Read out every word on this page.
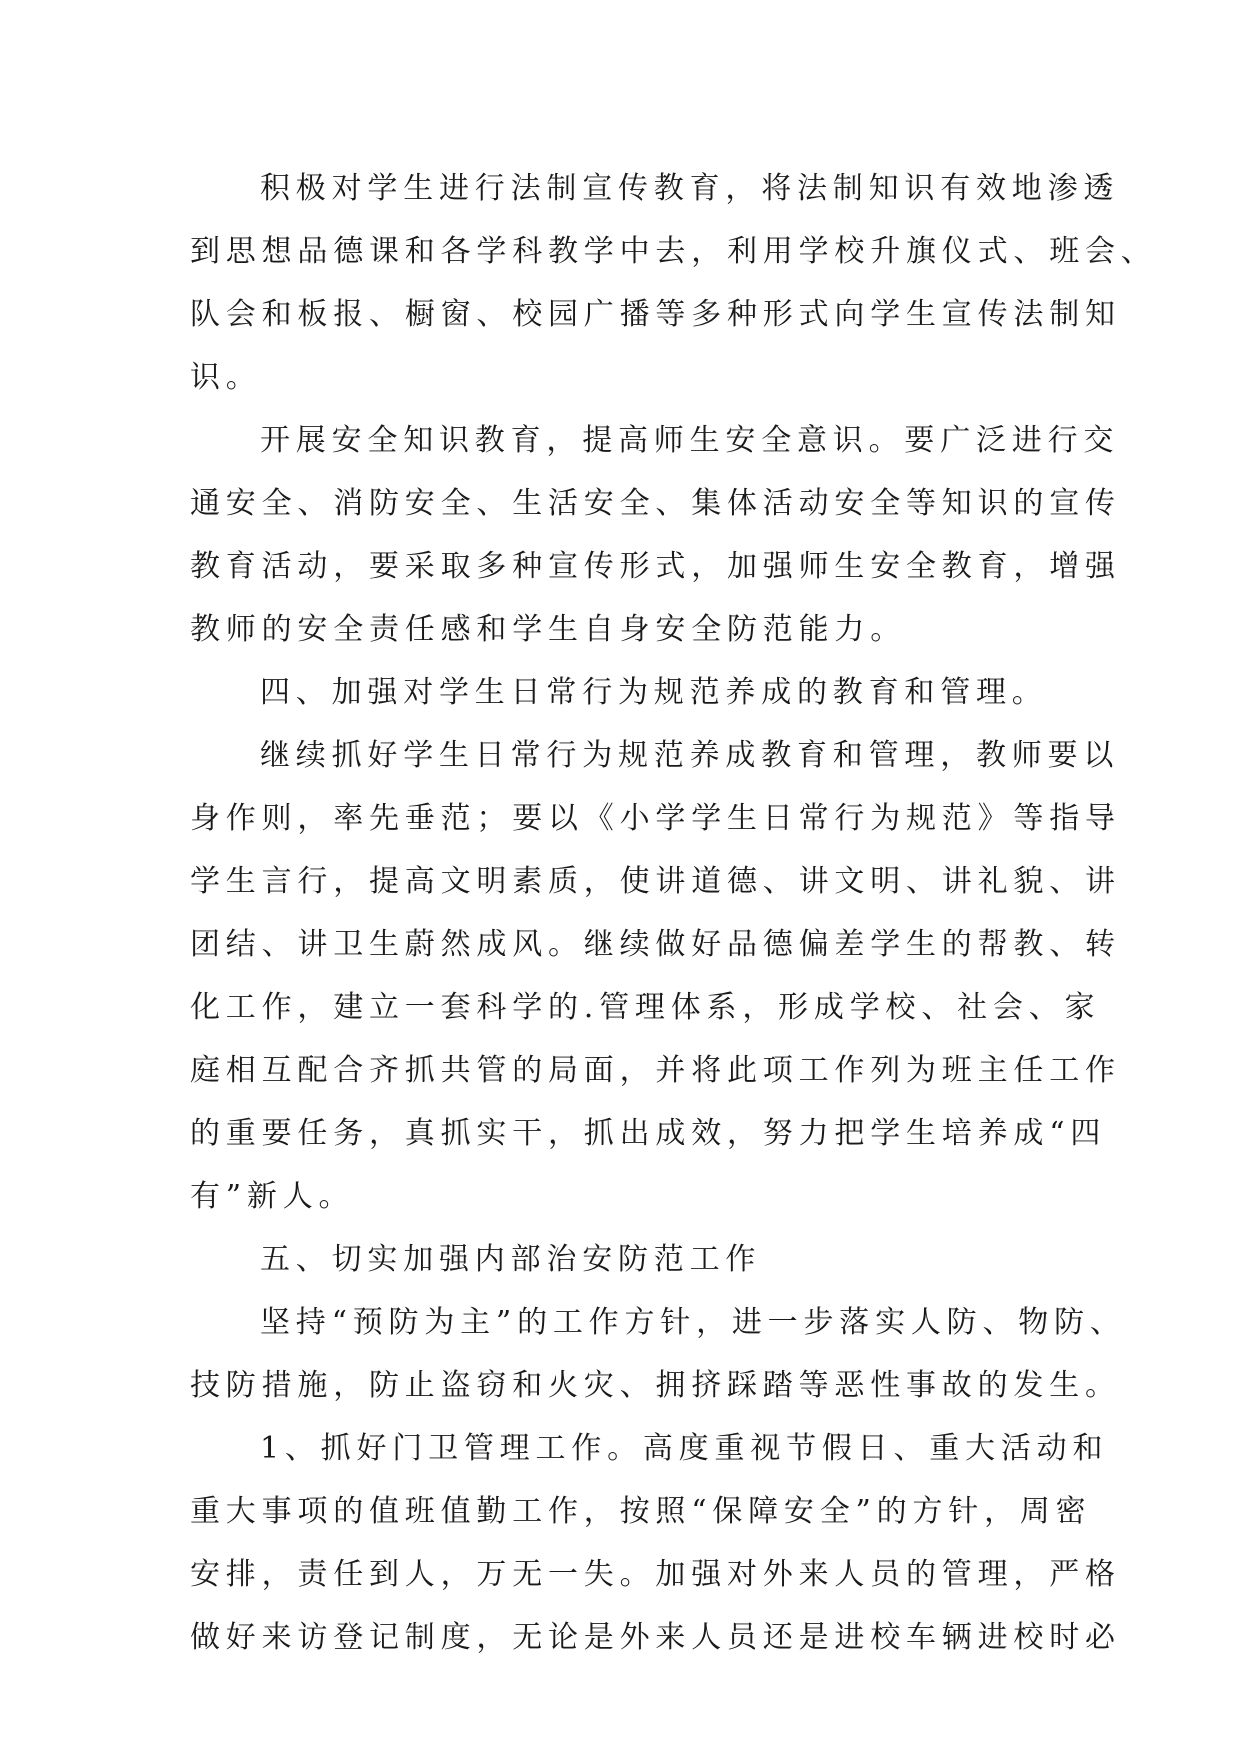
积极对学生进行法制宣传教育，将法制知识有效地渗透
到思想品德课和各学科教学中去，利用学校升旗仪式、班会、
队会和板报、橱窗、校园广播等多种形式向学生宣传法制知
识。
开展安全知识教育，提高师生安全意识。要广泛进行交
通安全、消防安全、生活安全、集体活动安全等知识的宣传
教育活动，要采取多种宣传形式，加强师生安全教育，增强
教师的安全责任感和学生自身安全防范能力。
四、加强对学生日常行为规范养成的教育和管理。
继续抓好学生日常行为规范养成教育和管理，教师要以
身作则，率先垂范；要以《小学学生日常行为规范》等指导
学生言行，提高文明素质，使讲道德、讲文明、讲礼貌、讲
团结、讲卫生蔚然成风。继续做好品德偏差学生的帮教、转
化工作，建立一套科学的.管理体系，形成学校、社会、家
庭相互配合齐抓共管的局面，并将此项工作列为班主任工作
的重要任务，真抓实干，抓出成效，努力把学生培养成“四
有”新人。
五、切实加强内部治安防范工作
坚持“预防为主”的工作方针，进一步落实人防、物防、
技防措施，防止盗窃和火灾、拥挤踩踏等恶性事故的发生。
1、抓好门卫管理工作。高度重视节假日、重大活动和
重大事项的值班值勤工作，按照“保障安全”的方针，周密
安排，责任到人，万无一失。加强对外来人员的管理，严格
做好来访登记制度，无论是外来人员还是进校车辆进校时必
